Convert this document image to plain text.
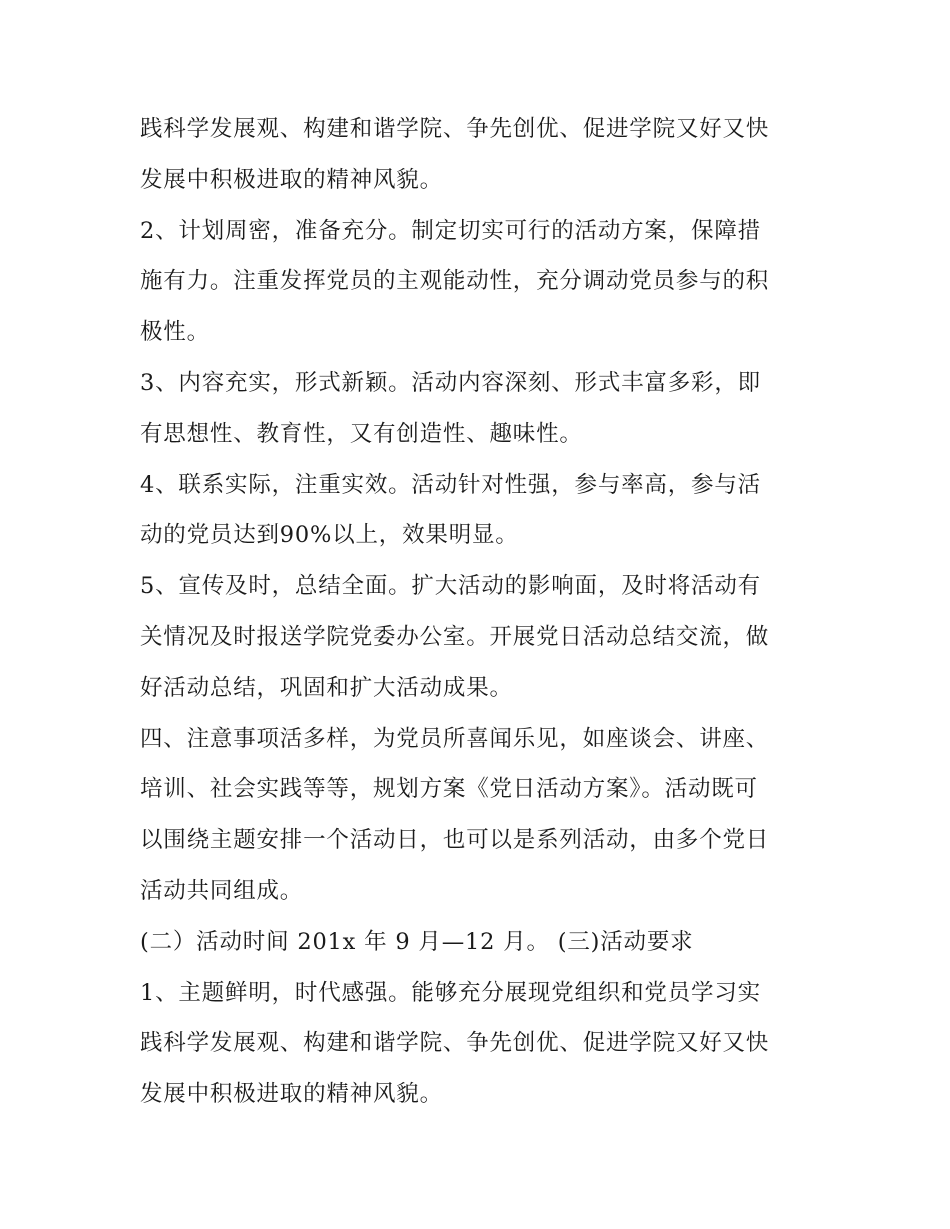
践科学发展观、构建和谐学院、争先创优、促进学院又好又快
发展中积极进取的精神风貌。
2、计划周密，准备充分。制定切实可行的活动方案，保障措
施有力。注重发挥党员的主观能动性，充分调动党员参与的积
极性。
3、内容充实，形式新颖。活动内容深刻、形式丰富多彩，即
有思想性、教育性，又有创造性、趣味性。
4、联系实际，注重实效。活动针对性强，参与率高，参与活
动的党员达到90%以上，效果明显。
5、宣传及时，总结全面。扩大活动的影响面，及时将活动有
关情况及时报送学院党委办公室。开展党日活动总结交流，做
好活动总结，巩固和扩大活动成果。
四、注意事项活多样，为党员所喜闻乐见，如座谈会、讲座、
培训、社会实践等等，规划方案《党日活动方案》。活动既可
以围绕主题安排一个活动日，也可以是系列活动，由多个党日
活动共同组成。
(二）活动时间 201x 年 9 月—12 月。 (三)活动要求
1、主题鲜明，时代感强。能够充分展现党组织和党员学习实
践科学发展观、构建和谐学院、争先创优、促进学院又好又快
发展中积极进取的精神风貌。
